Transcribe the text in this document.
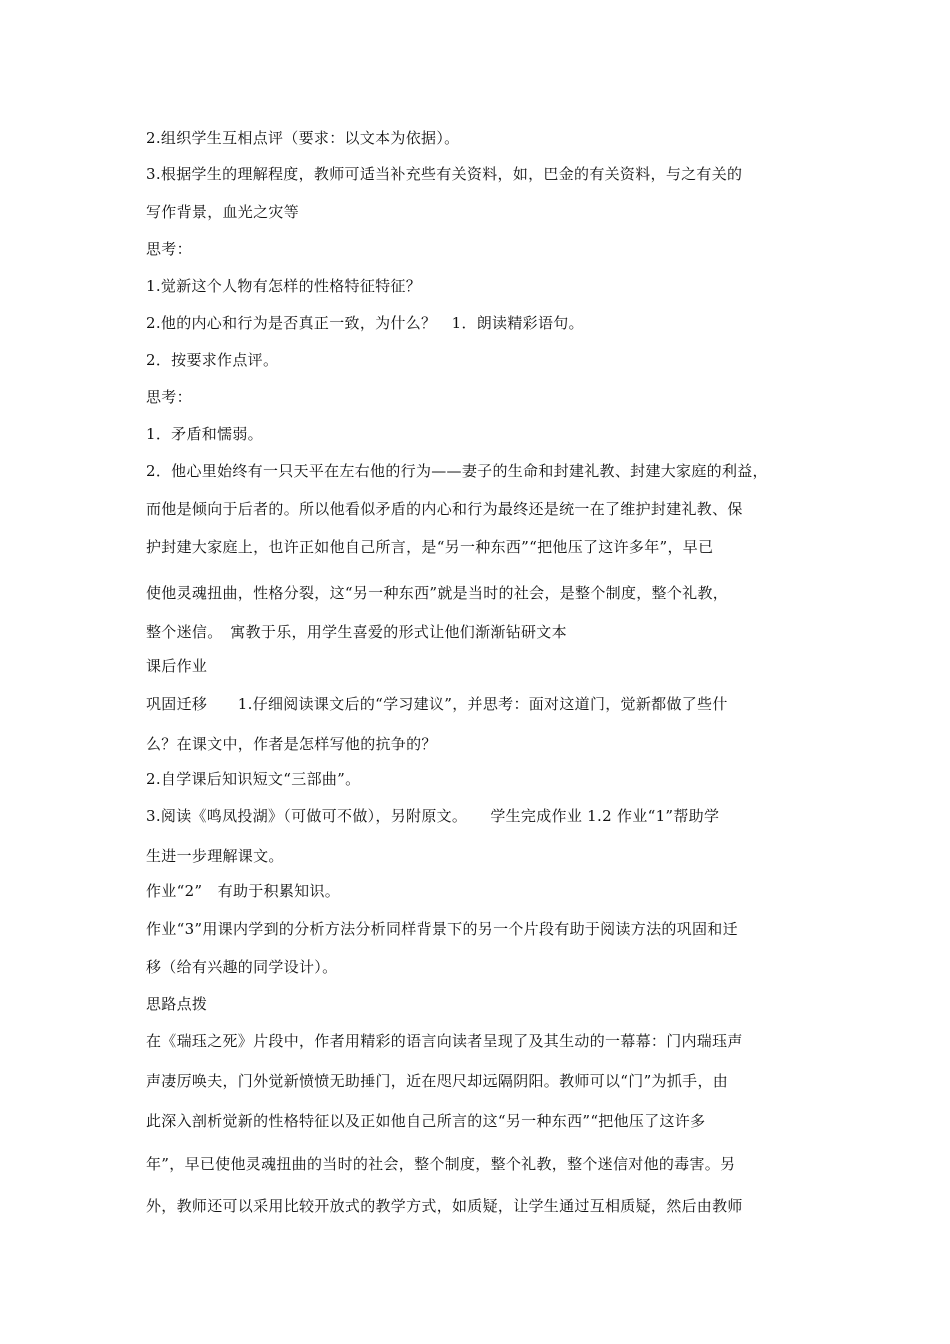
2.组织学生互相点评（要求：以文本为依据）。
3.根据学生的理解程度，教师可适当补充些有关资料，如，巴金的有关资料，与之有关的
写作背景，血光之灾等
思考：
1.觉新这个人物有怎样的性格特征特征？
2.他的内心和行为是否真正一致，为什么？　1．朗读精彩语句。
2．按要求作点评。
思考：
1．矛盾和懦弱。
2．他心里始终有一只天平在左右他的行为——妻子的生命和封建礼教、封建大家庭的利益，
而他是倾向于后者的。所以他看似矛盾的内心和行为最终还是统一在了维护封建礼教、保
护封建大家庭上，也许正如他自己所言，是“另一种东西”“把他压了这许多年”，早已
使他灵魂扭曲，性格分裂，这“另一种东西”就是当时的社会，是整个制度，整个礼教，
整个迷信。　寓教于乐，用学生喜爱的形式让他们渐渐钻研文本
课后作业
巩固迁移　　1.仔细阅读课文后的“学习建议”，并思考：面对这道门，觉新都做了些什
么？在课文中，作者是怎样写他的抗争的？
2.自学课后知识短文“三部曲”。
3.阅读《鸣凤投湖》（可做可不做），另附原文。　　学生完成作业 1.2 作业“1”帮助学
生进一步理解课文。
作业“2”　有助于积累知识。
作业“3”用课内学到的分析方法分析同样背景下的另一个片段有助于阅读方法的巩固和迁
移（给有兴趣的同学设计）。
思路点拨
在《瑞珏之死》片段中，作者用精彩的语言向读者呈现了及其生动的一幕幕：门内瑞珏声
声凄厉唤夫，门外觉新愤愤无助捶门，近在咫尺却远隔阴阳。教师可以“门”为抓手，由
此深入剖析觉新的性格特征以及正如他自己所言的这“另一种东西”“把他压了这许多
年”，早已使他灵魂扭曲的当时的社会，整个制度，整个礼教，整个迷信对他的毒害。另
外，教师还可以采用比较开放式的教学方式，如质疑，让学生通过互相质疑，然后由教师
